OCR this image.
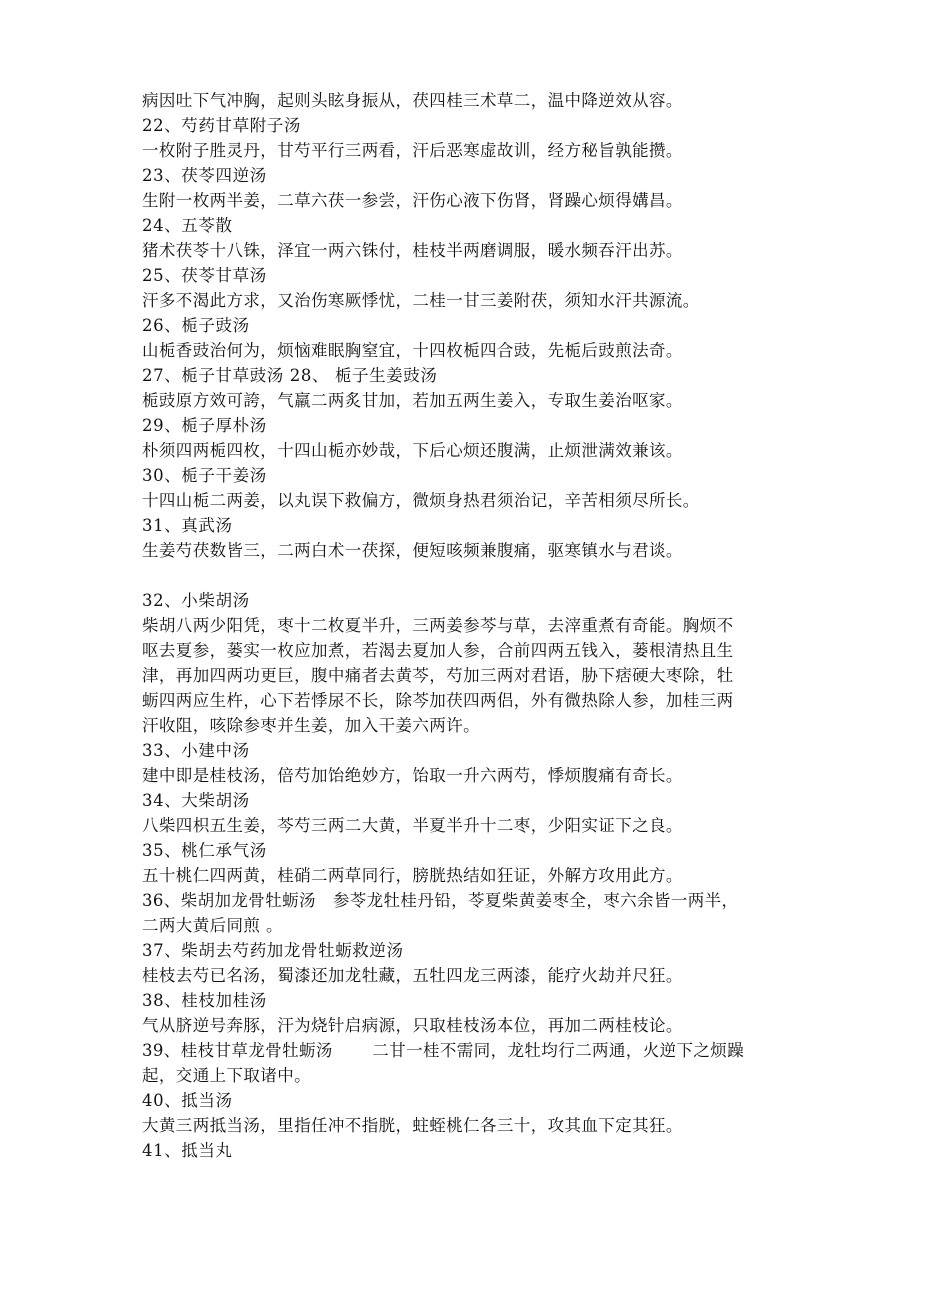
病因吐下气冲胸，起则头眩身振从，茯四桂三术草二，温中降逆效从容。

22、芍药甘草附子汤

一枚附子胜灵丹，甘芍平行三两看，汗后恶寒虚故训，经方秘旨孰能攒。

23、茯苓四逆汤

生附一枚两半姜，二草六茯一参尝，汗伤心液下伤肾，肾躁心烦得媾昌。

24、五苓散

猪术茯苓十八铢，泽宜一两六铢付，桂枝半两磨调服，暖水频吞汗出苏。

25、茯苓甘草汤

汗多不渴此方求，又治伤寒厥悸忧，二桂一甘三姜附茯，须知水汗共源流。

26、栀子豉汤

山栀香豉治何为，烦恼难眠胸窒宜，十四枚栀四合豉，先栀后豉煎法奇。

27、栀子甘草豉汤 28、 栀子生姜豉汤

栀豉原方效可誇，气羸二两炙甘加，若加五两生姜入，专取生姜治呕家。

29、栀子厚朴汤

朴须四两栀四枚，十四山栀亦妙哉，下后心烦还腹满，止烦泄满效兼该。

30、栀子干姜汤

十四山栀二两姜，以丸误下救偏方，微烦身热君须治记，辛苦相须尽所长。

31、真武汤

生姜芍茯数皆三，二两白术一茯探，便短咳频兼腹痛，驱寒镇水与君谈。

32、小柴胡汤

柴胡八两少阳凭，枣十二枚夏半升，三两姜参芩与草，去滓重煮有奇能。胸烦不

呕去夏参，蒌实一枚应加煮，若渴去夏加人参，合前四两五钱入，蒌根清热且生

津，再加四两功更巨，腹中痛者去黄芩，芍加三两对君语，胁下痞硬大枣除，牡

蛎四两应生杵，心下若悸尿不长，除芩加茯四两侣，外有微热除人参，加桂三两

汗收阻，咳除参枣并生姜，加入干姜六两许。

33、小建中汤

建中即是桂枝汤，倍芍加饴绝妙方，饴取一升六两芍，悸烦腹痛有奇长。

34、大柴胡汤

八柴四枳五生姜，芩芍三两二大黄，半夏半升十二枣，少阳实证下之良。

35、桃仁承气汤

五十桃仁四两黄，桂硝二两草同行，膀胱热结如狂证，外解方攻用此方。

36、柴胡加龙骨牡蛎汤   参苓龙牡桂丹铅，苓夏柴黄姜枣全，枣六余皆一两半，

二两大黄后同煎 。

37、柴胡去芍药加龙骨牡蛎救逆汤

桂枝去芍已名汤，蜀漆还加龙牡藏，五牡四龙三两漆，能疗火劫并尺狂。

38、桂枝加桂汤

气从脐逆号奔豚，汗为烧针启病源，只取桂枝汤本位，再加二两桂枝论。

39、桂枝甘草龙骨牡蛎汤       二甘一桂不需同，龙牡均行二两通，火逆下之烦躁

起，交通上下取诸中。

40、抵当汤

大黄三两抵当汤，里指任冲不指胱，蛀蛭桃仁各三十，攻其血下定其狂。

41、抵当丸
